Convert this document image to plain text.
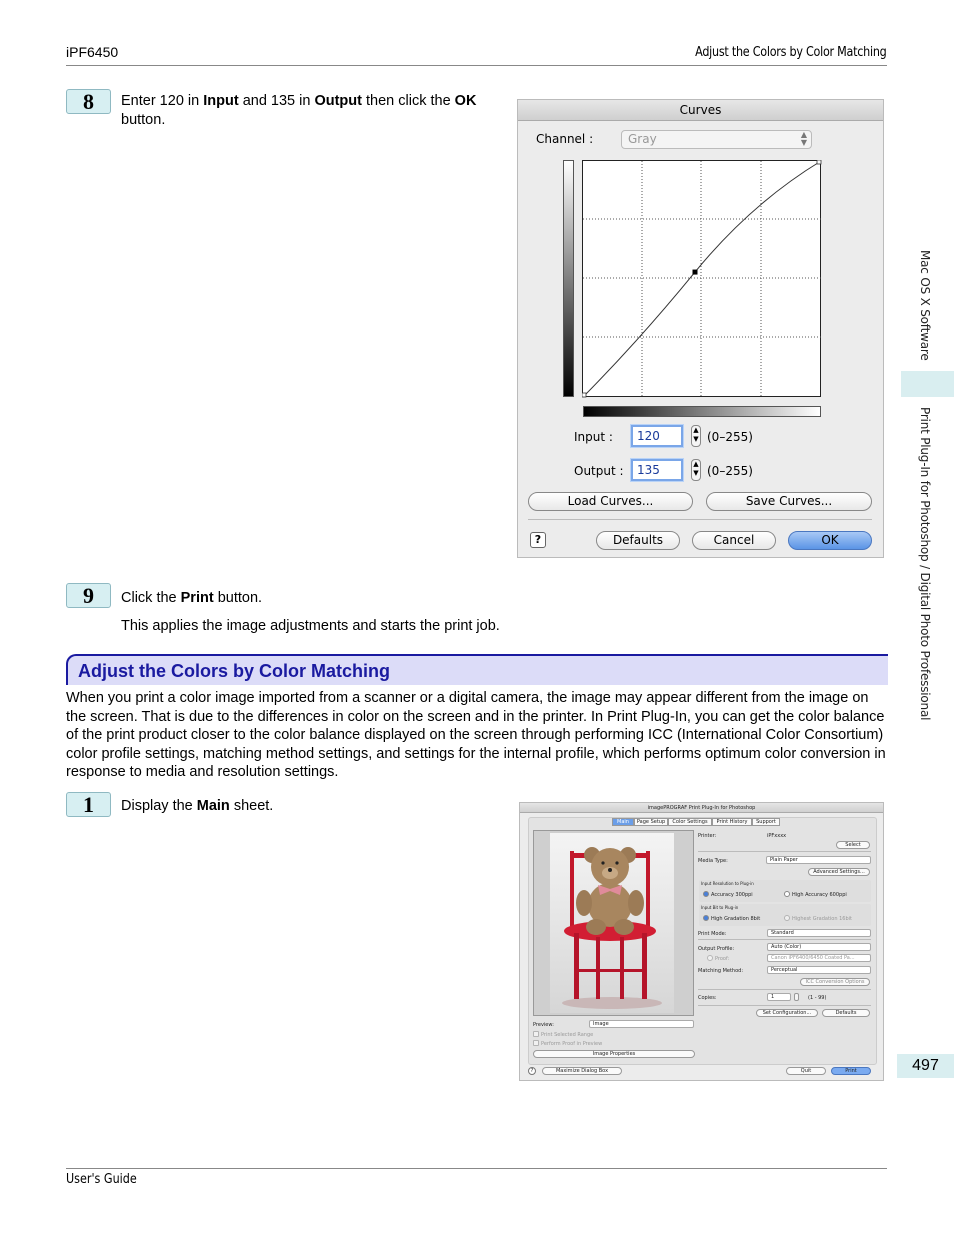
iPF6450	Adjust the Colors by Color Matching
Mac OS X Software
Print Plug-In for Photoshop / Digital Photo Professional
497
8	Enter 120 in Input and 135 in Output then click the OK button.
Curves
Channel :	Gray	▲
▼
Input :	120	▲
▼ (0–255)
Output :	135	▲
▼ (0–255)
Load Curves...	Save Curves...
?	Defaults	Cancel	OK
9	Click the Print button.
This applies the image adjustments and starts the print job.
Adjust the Colors by Color Matching
When you print a color image imported from a scanner or a digital camera, the image may appear different from the image on the screen. That is due to the differences in color on the screen and in the printer. In Print Plug-In, you can get the color balance of the print product closer to the color balance displayed on the screen through performing ICC (International Color Consortium) color profile settings, matching method settings, and settings for the internal profile, which performs optimum color conversion in response to media and resolution settings.
1	Display the Main sheet.	imagePROGRAF Print Plug-In for Photoshop
Main	Page Setup	Color Settings	Print History	Support
Printer:	iPFxxxx
Select
Media Type:	Plain Paper
Advanced Settings...
Input Resolution to Plug-in
Accuracy 300ppi	High Accuracy 600ppi
Input Bit to Plug-in
High Gradation 8bit	Highest Gradation 16bit
Print Mode:	Standard
Output Profile:	Auto (Color)
Proof:	Canon iPF6400/6450 Coated Pa...
Matching Method:	Perceptual
ICC Conversion Options
Copies:	1	(1 - 99)
Set Configuration...	Defaults
Preview:	Image
Print Selected Range
Perform Proof in Preview
Image Properties
?	Maximize Dialog Box	Quit	Print
User's Guide
